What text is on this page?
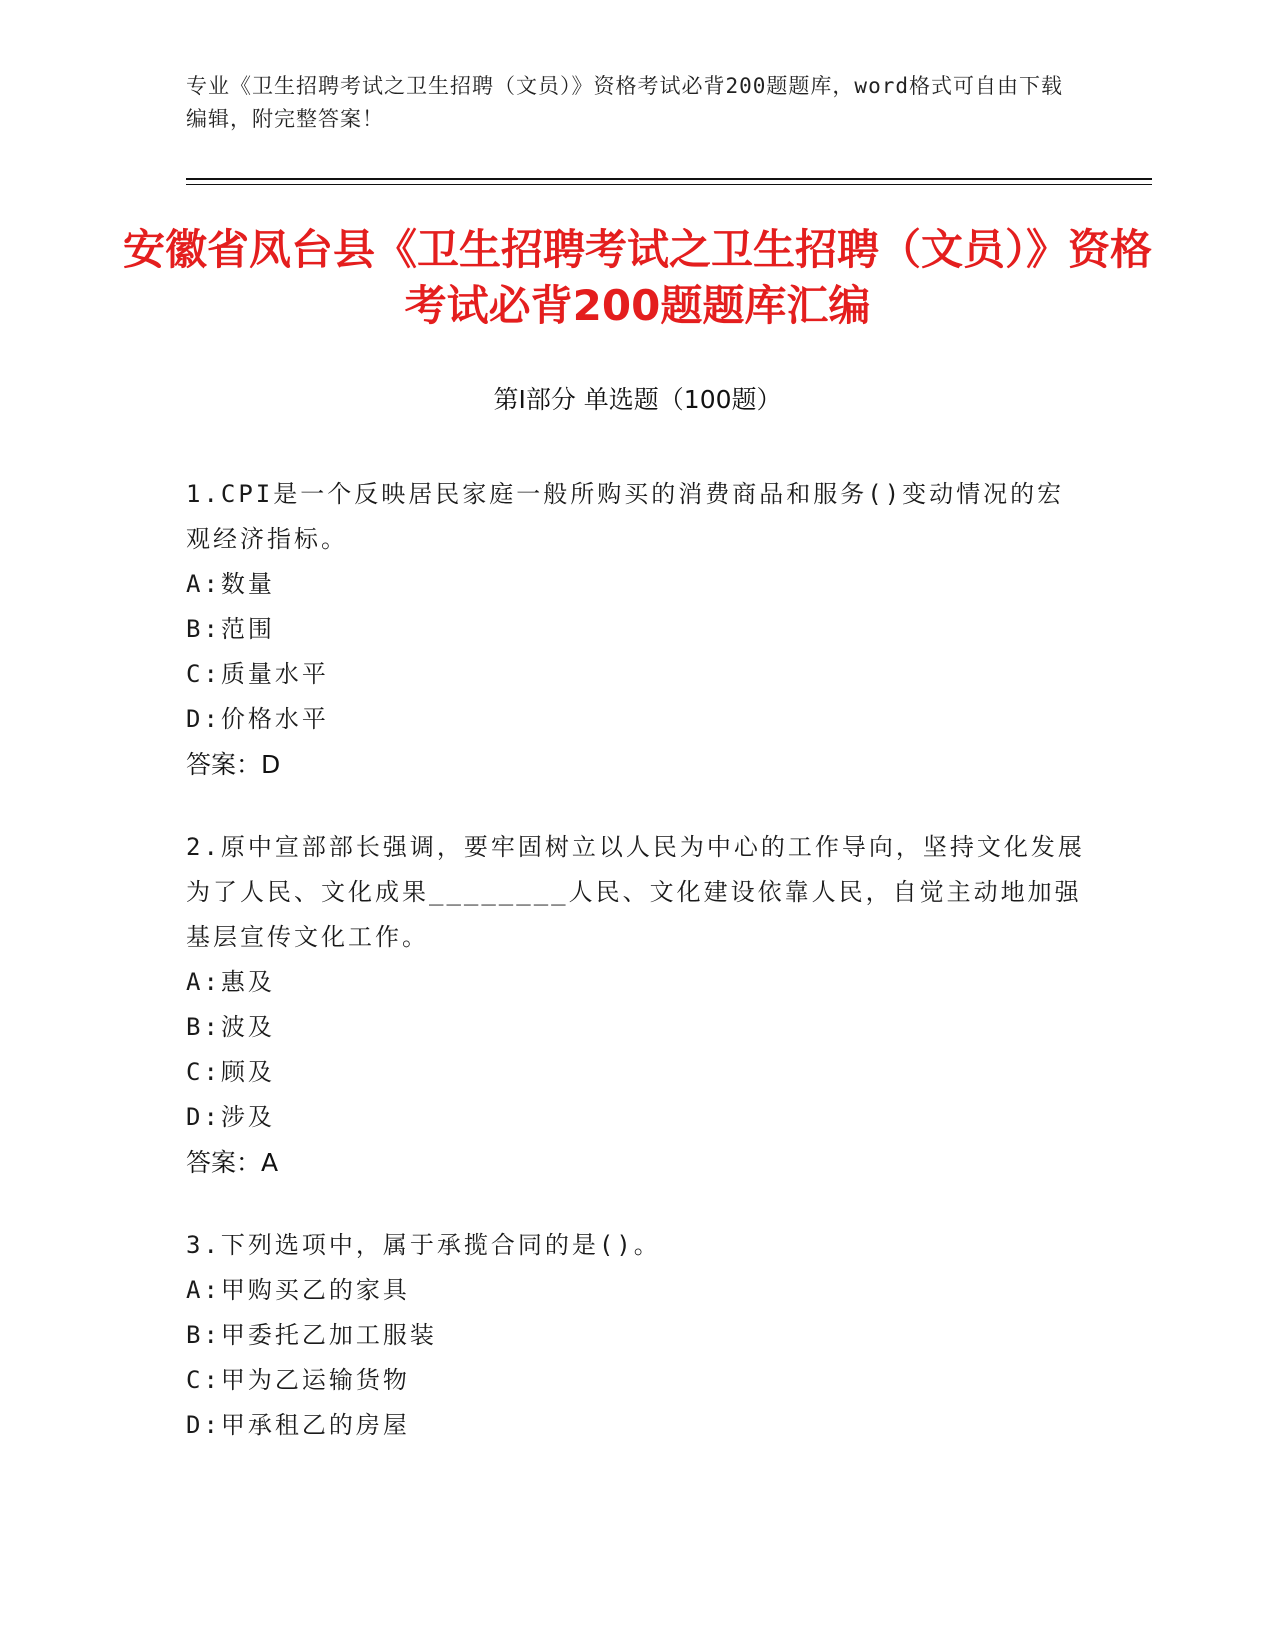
专业《卫生招聘考试之卫生招聘（文员）》资格考试必背200题题库，word格式可自由下载编辑，附完整答案！
安徽省凤台县《卫生招聘考试之卫生招聘（文员）》资格考试必背200题题库汇编
第I部分 单选题（100题）
1.CPI是一个反映居民家庭一般所购买的消费商品和服务()变动情况的宏观经济指标。
A:数量
B:范围
C:质量水平
D:价格水平
答案：D
2.原中宣部部长强调，要牢固树立以人民为中心的工作导向，坚持文化发展为了人民、文化成果________人民、文化建设依靠人民，自觉主动地加强基层宣传文化工作。
A:惠及
B:波及
C:顾及
D:涉及
答案：A
3.下列选项中，属于承揽合同的是()。
A:甲购买乙的家具
B:甲委托乙加工服装
C:甲为乙运输货物
D:甲承租乙的房屋
